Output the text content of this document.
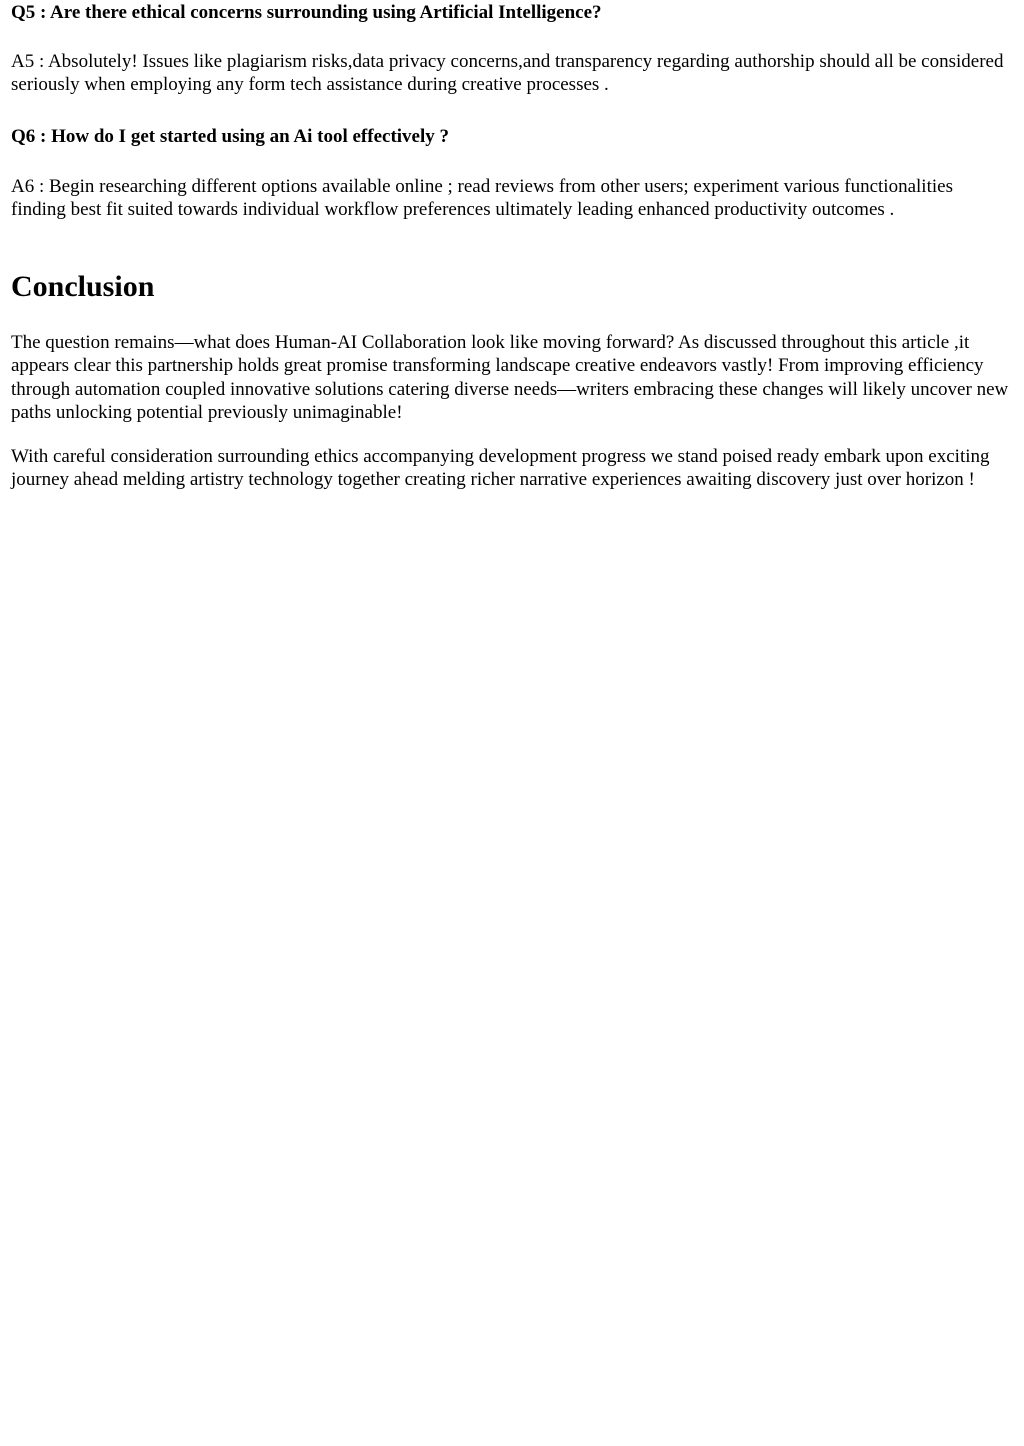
Q5 : Are there ethical concerns surrounding using Artificial Intelligence?

A5 : Absolutely! Issues like plagiarism risks,data privacy concerns,and transparency regarding authorship should all be considered seriously when employing any form tech assistance during creative processes .

Q6 : How do I get started using an Ai tool effectively ?

A6 : Begin researching different options available online ; read reviews from other users; experiment various functionalities finding best fit suited towards individual workflow preferences ultimately leading enhanced productivity outcomes .

Conclusion

The question remains—what does Human-AI Collaboration look like moving forward? As discussed throughout this article ,it appears clear this partnership holds great promise transforming landscape creative endeavors vastly! From improving efficiency through automation coupled innovative solutions catering diverse needs—writers embracing these changes will likely uncover new paths unlocking potential previously unimaginable!

With careful consideration surrounding ethics accompanying development progress we stand poised ready embark upon exciting journey ahead melding artistry technology together creating richer narrative experiences awaiting discovery just over horizon !
